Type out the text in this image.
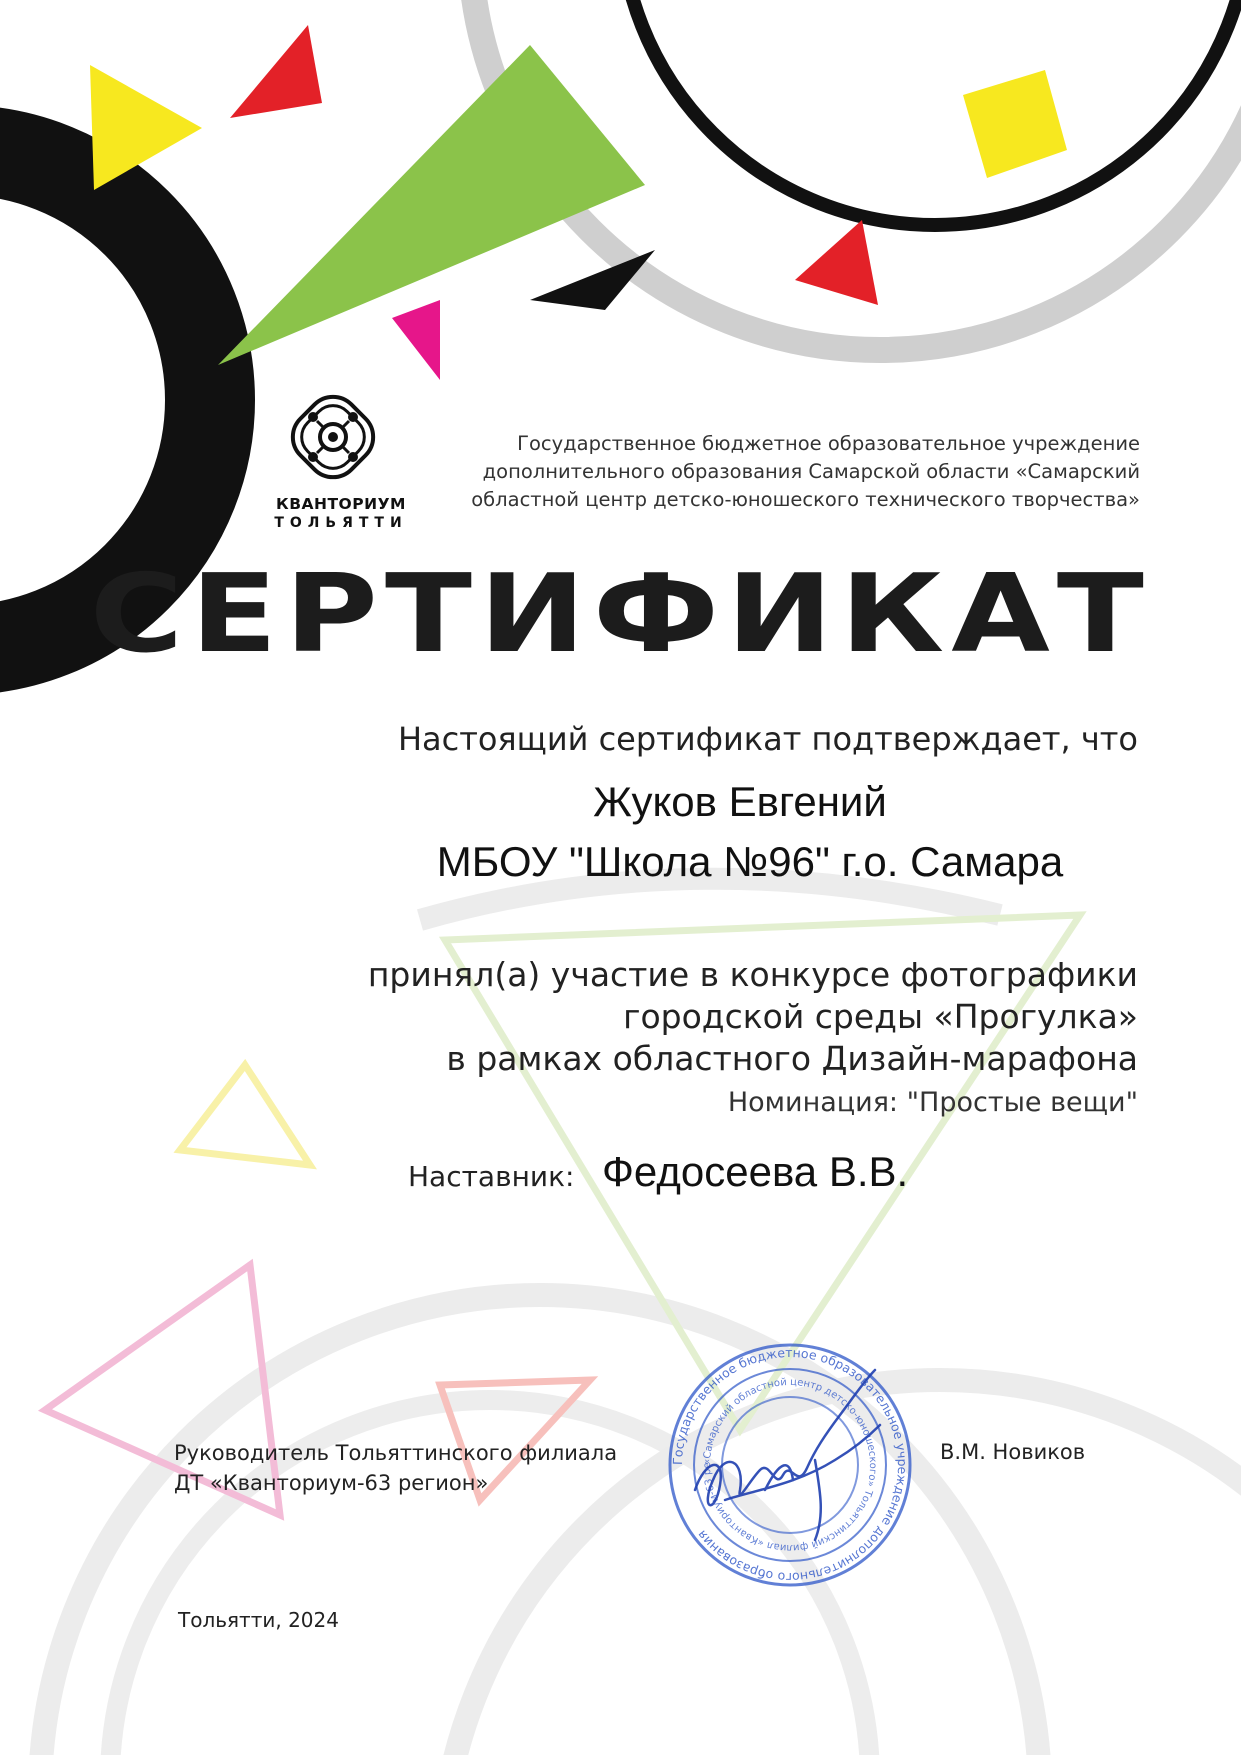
КВАНТОРИУМ
ТОЛЬЯТТИ
Государственное бюджетное образовательное учреждение
дополнительного образования Самарской области «Самарский
областной центр детско-юношеского технического творчества»
СЕРТИФИКАТ
Настоящий сертификат подтверждает, что
Жуков Евгений
МБОУ "Школа №96" г.о. Самара
принял(а) участие в конкурсе фотографики
городской среды «Прогулка»
в рамках областного Дизайн-марафона
Номинация: "Простые вещи"
Наставник: Федосеева В.В.
Государственное бюджетное образовательное учреждение дополнительного образования
«Самарский областной центр детско-юношеского» Тольяттинский филиал «Кванториум-63 ре
Руководитель Тольяттинского филиала
ДТ «Кванториум-63 регион»
В.М. Новиков
Тольятти, 2024
